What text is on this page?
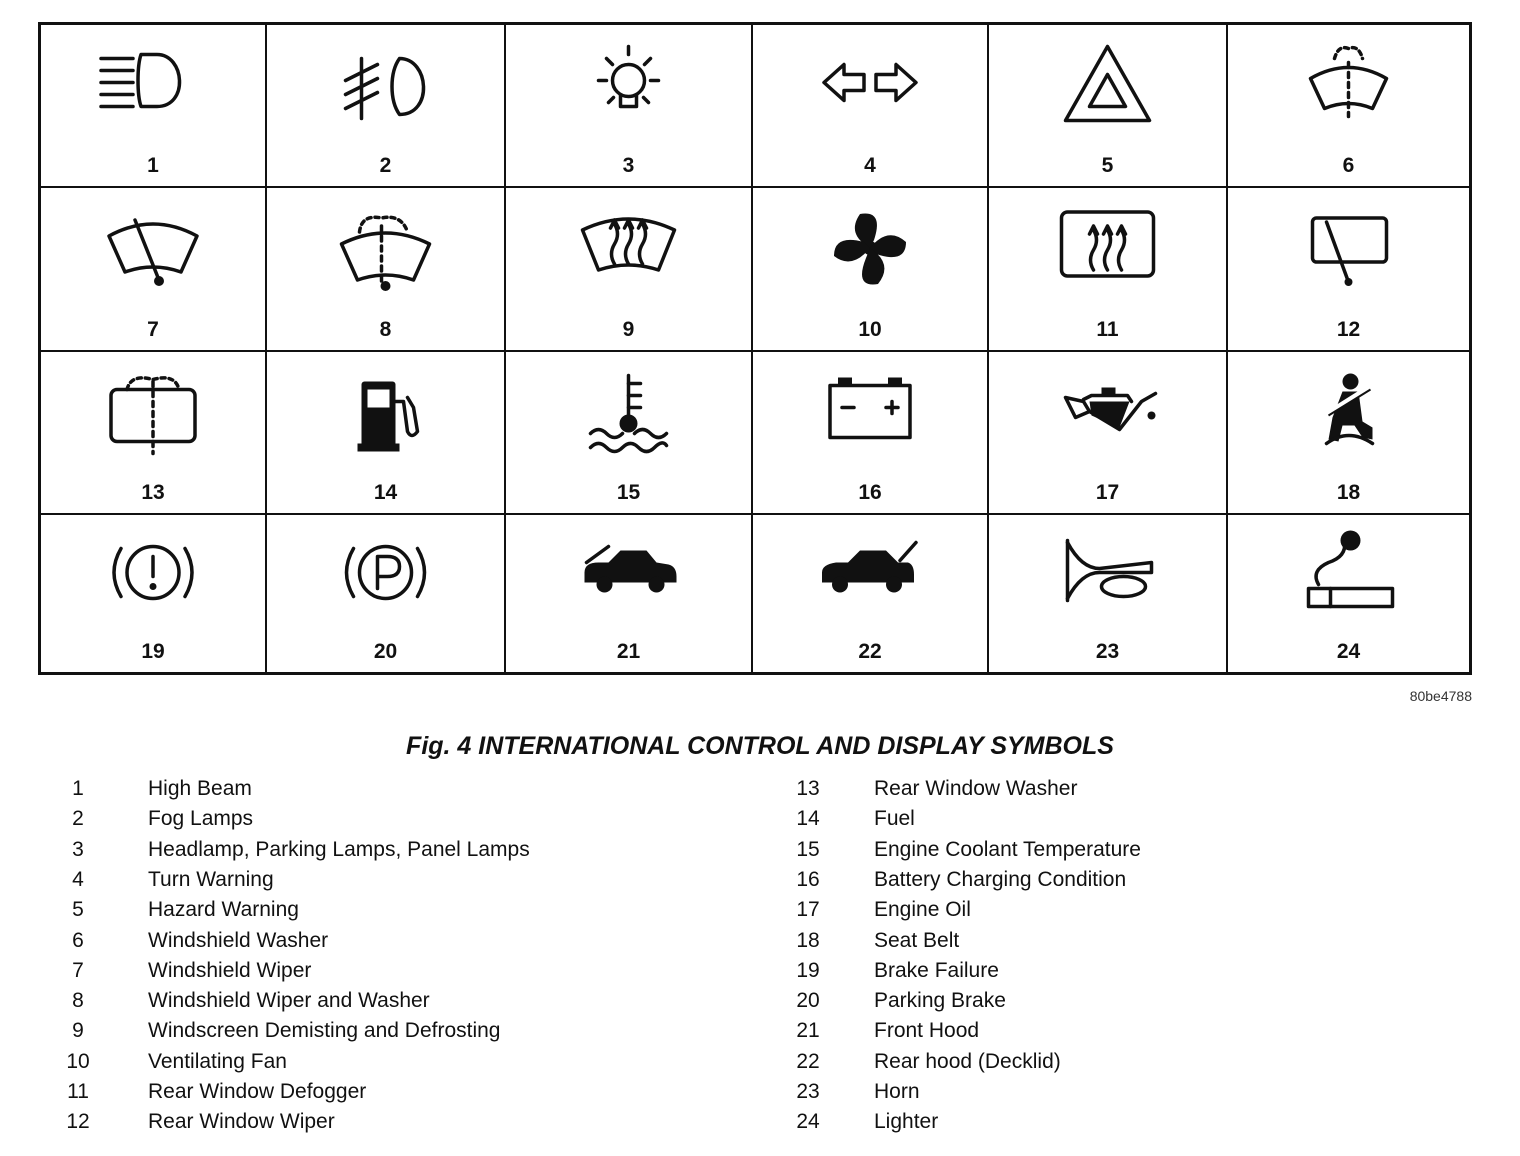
1	2	3	4	5	6
7	8	9	10	11	12
13	14	15	16	17	18
19	20	21	22	23	24
80be4788
Fig. 4 INTERNATIONAL CONTROL AND DISPLAY SYMBOLS
1	High Beam
2	Fog Lamps
3	Headlamp, Parking Lamps, Panel Lamps
4	Turn Warning
5	Hazard Warning
6	Windshield Washer
7	Windshield Wiper
8	Windshield Wiper and Washer
9	Windscreen Demisting and Defrosting
10	Ventilating Fan
11	Rear Window Defogger
12	Rear Window Wiper
13	Rear Window Washer
14	Fuel
15	Engine Coolant Temperature
16	Battery Charging Condition
17	Engine Oil
18	Seat Belt
19	Brake Failure
20	Parking Brake
21	Front Hood
22	Rear hood (Decklid)
23	Horn
24	Lighter
